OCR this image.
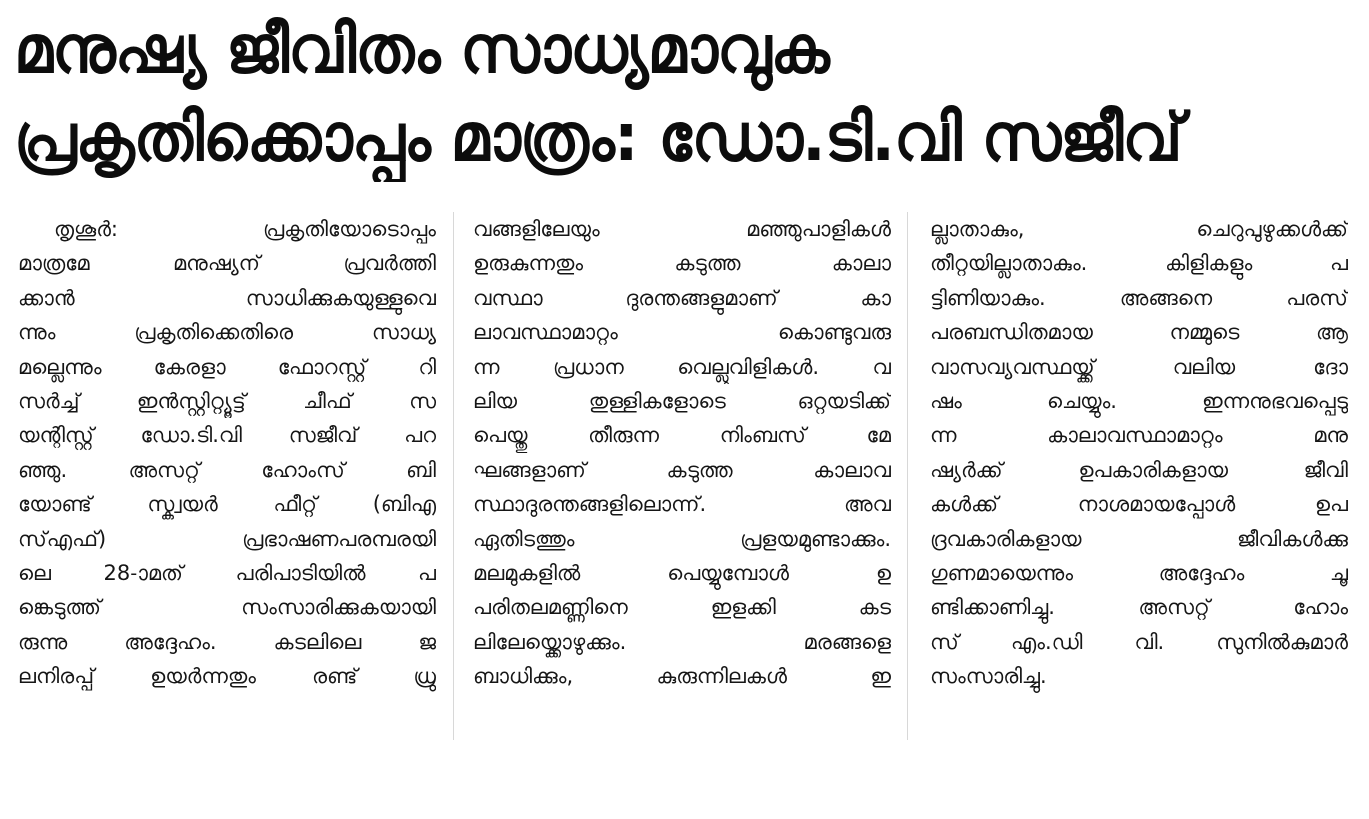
മനുഷ്യ ജീവിതം സാധ്യമാവുക
പ്രകൃതിക്കൊപ്പം മാത്രം: ഡോ.ടി.വി സജീവ്
തൃശൂർ: പ്രകൃതിയോടൊപ്പം
മാത്രമേ മനുഷ്യന് പ്രവർത്തി
ക്കാൻ സാധിക്കുകയുള്ളുവെ
ന്നും പ്രകൃതിക്കെതിരെ സാധ്യ
മല്ലെന്നും കേരളാ ഫോറസ്റ്റ് റി
സർച്ച് ഇൻസ്റ്റിറ്റ്യൂട്ട് ചീഫ് സ
യന്റിസ്റ്റ് ഡോ.ടി.വി സജീവ് പറ
ഞ്ഞു. അസറ്റ് ഹോംസ് ബി
യോണ്ട് സ്ക്വയർ ഫീറ്റ് (ബിഎ
സ്എഫ്) പ്രഭാഷണപരമ്പരയി
ലെ 28-ാമത് പരിപാടിയിൽ പ
ങ്കെടുത്ത് സംസാരിക്കുകയായി
രുന്നു അദ്ദേഹം. കടലിലെ ജ
ലനിരപ്പ് ഉയർന്നതും രണ്ട് ധ്രു
വങ്ങളിലേയും മഞ്ഞുപാളികൾ
ഉരുകുന്നതും കടുത്ത കാലാ
വസ്ഥാ ദുരന്തങ്ങളുമാണ് കാ
ലാവസ്ഥാമാറ്റം കൊണ്ടുവരു
ന്ന പ്രധാന വെല്ലുവിളികൾ. വ
ലിയ തുള്ളികളോടെ ഒറ്റയടിക്ക്
പെയ്തു തീരുന്ന നിംബസ് മേ
ഘങ്ങളാണ് കടുത്ത കാലാവ
സ്ഥാദുരന്തങ്ങളിലൊന്ന്. അവ
ഏതിടത്തും പ്രളയമുണ്ടാക്കും.
മലമുകളിൽ പെയ്യുമ്പോൾ ഉ
പരിതലമണ്ണിനെ ഇളക്കി കട
ലിലേയ്ക്കൊഴുക്കും. മരങ്ങളെ
ബാധിക്കും, കുരുന്നിലകൾ ഇ
ല്ലാതാകും, ചെറുപുഴുക്കൾക്ക്
തീറ്റയില്ലാതാകും. കിളികളും പ
ട്ടിണിയാകും. അങ്ങനെ പരസ്
പരബന്ധിതമായ നമ്മുടെ ആ
വാസവ്യവസ്ഥയ്ക്ക് വലിയ ദോ
ഷം ചെയ്യും. ഇന്നനുഭവപ്പെടു
ന്ന കാലാവസ്ഥാമാറ്റം മനു
ഷ്യർക്ക് ഉപകാരികളായ ജീവി
കൾക്ക് നാശമായപ്പോൾ ഉപ
ദ്രവകാരികളായ ജീവികൾക്കു
ഗുണമായെന്നും അദ്ദേഹം ചൂ
ണ്ടിക്കാണിച്ചു. അസറ്റ് ഹോം
സ് എം.ഡി വി. സുനിൽകുമാർ
സംസാരിച്ചു.
